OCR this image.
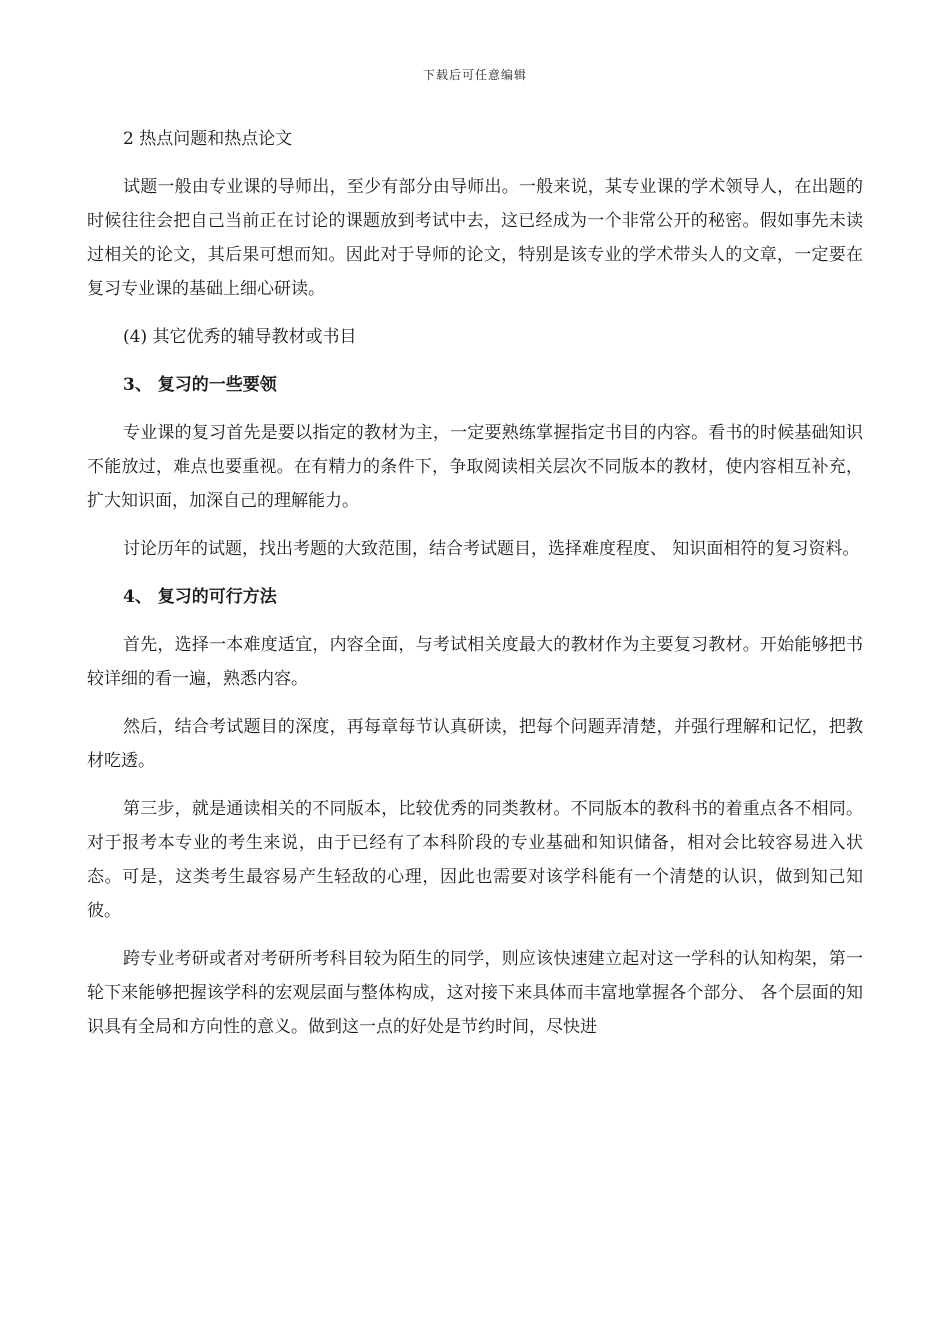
下载后可任意编辑

2 热点问题和热点论文

试题一般由专业课的导师出，至少有部分由导师出。一般来说，某专业课的学术领导人，在出题的时候往往会把自己当前正在讨论的课题放到考试中去，这已经成为一个非常公开的秘密。假如事先未读过相关的论文，其后果可想而知。因此对于导师的论文，特别是该专业的学术带头人的文章，一定要在复习专业课的基础上细心研读。

(4) 其它优秀的辅导教材或书目

3、 复习的一些要领

专业课的复习首先是要以指定的教材为主，一定要熟练掌握指定书目的内容。看书的时候基础知识不能放过，难点也要重视。在有精力的条件下，争取阅读相关层次不同版本的教材，使内容相互补充，扩大知识面，加深自己的理解能力。

讨论历年的试题，找出考题的大致范围，结合考试题目，选择难度程度、 知识面相符的复习资料。

4、 复习的可行方法

首先，选择一本难度适宜，内容全面，与考试相关度最大的教材作为主要复习教材。开始能够把书较详细的看一遍，熟悉内容。

然后，结合考试题目的深度，再每章每节认真研读，把每个问题弄清楚，并强行理解和记忆，把教材吃透。

第三步，就是通读相关的不同版本，比较优秀的同类教材。不同版本的教科书的着重点各不相同。对于报考本专业的考生来说，由于已经有了本科阶段的专业基础和知识储备，相对会比较容易进入状态。可是，这类考生最容易产生轻敌的心理，因此也需要对该学科能有一个清楚的认识，做到知己知彼。

跨专业考研或者对考研所考科目较为陌生的同学，则应该快速建立起对这一学科的认知构架，第一轮下来能够把握该学科的宏观层面与整体构成，这对接下来具体而丰富地掌握各个部分、 各个层面的知识具有全局和方向性的意义。做到这一点的好处是节约时间，尽快进
